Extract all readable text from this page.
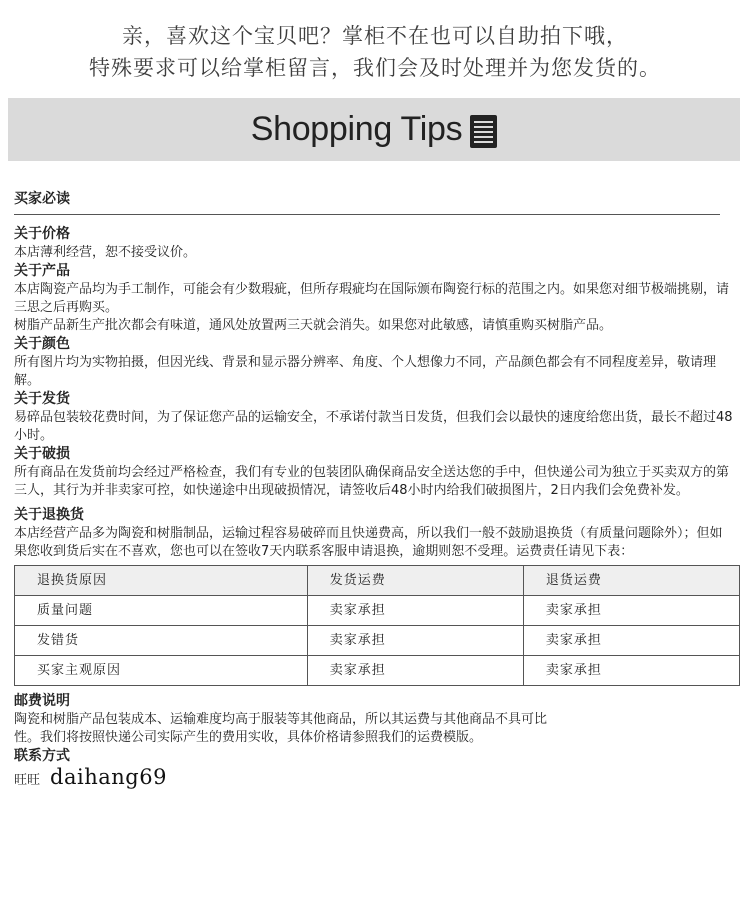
亲，喜欢这个宝贝吧？掌柜不在也可以自助拍下哦，
特殊要求可以给掌柜留言，我们会及时处理并为您发货的。
Shopping Tips
买家必读
关于价格

本店薄利经营，恕不接受议价。

关于产品

本店陶瓷产品均为手工制作，可能会有少数瑕疵，但所存瑕疵均在国际颁布陶瓷行标的范围之内。如果您对细节极端挑剔，请三思之后再购买。

树脂产品新生产批次都会有味道，通风处放置两三天就会消失。如果您对此敏感，请慎重购买树脂产品。

关于颜色

所有图片均为实物拍摄，但因光线、背景和显示器分辨率、角度、个人想像力不同，产品颜色都会有不同程度差异，敬请理解。

关于发货

易碎品包装较花费时间，为了保证您产品的运输安全，不承诺付款当日发货，但我们会以最快的速度给您出货，最长不超过48小时。

关于破损

所有商品在发货前均会经过严格检查，我们有专业的包装团队确保商品安全送达您的手中，但快递公司为独立于买卖双方的第三人，其行为并非卖家可控，如快递途中出现破损情况，请签收后48小时内给我们破损图片，2日内我们会免费补发。

关于退换货

本店经营产品多为陶瓷和树脂制品，运输过程容易破碎而且快递费高，所以我们一般不鼓励退换货（有质量问题除外）；但如果您收到货后实在不喜欢，您也可以在签收7天内联系客服申请退换，逾期则恕不受理。运费责任请见下表：

退换货原因	发货运费	退货运费
质量问题	卖家承担	卖家承担
发错货	卖家承担	卖家承担
买家主观原因	卖家承担	卖家承担
邮费说明

陶瓷和树脂产品包装成本、运输难度均高于服装等其他商品，所以其运费与其他商品不具可比

性。我们将按照快递公司实际产生的费用实收，具体价格请参照我们的运费模版。

联系方式
旺旺 daihang69
